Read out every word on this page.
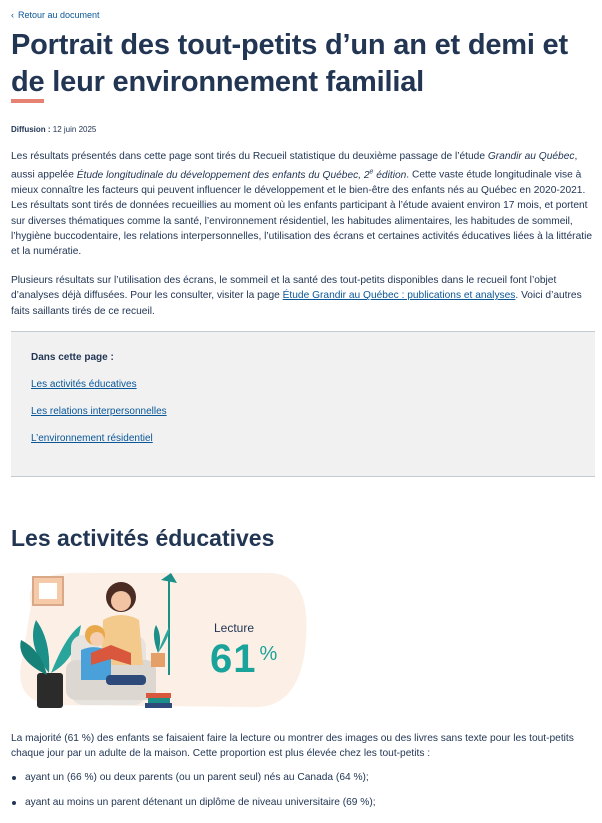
‹ Retour au document
Portrait des tout-petits d’un an et demi et de leur environnement familial
Diffusion : 12 juin 2025

Les résultats présentés dans cette page sont tirés du Recueil statistique du deuxième passage de l’étude Grandir au Québec, aussi appelée Étude longitudinale du développement des enfants du Québec, 2e édition. Cette vaste étude longitudinale vise à mieux connaître les facteurs qui peuvent influencer le développement et le bien-être des enfants nés au Québec en 2020-2021. Les résultats sont tirés de données recueillies au moment où les enfants participant à l’étude avaient environ 17 mois, et portent sur diverses thématiques comme la santé, l’environnement résidentiel, les habitudes alimentaires, les habitudes de sommeil, l’hygiène buccodentaire, les relations interpersonnelles, l’utilisation des écrans et certaines activités éducatives liées à la littératie et la numératie.

Plusieurs résultats sur l’utilisation des écrans, le sommeil et la santé des tout-petits disponibles dans le recueil font l’objet d’analyses déjà diffusées. Pour les consulter, visiter la page Étude Grandir au Québec : publications et analyses. Voici d’autres faits saillants tirés de ce recueil.

Dans cette page :
Les activités éducatives
Les relations interpersonnelles
L’environnement résidentiel
Les activités éducatives
Lecture
61 %

La majorité (61 %) des enfants se faisaient faire la lecture ou montrer des images ou des livres sans texte pour les tout-petits chaque jour par un adulte de la maison. Cette proportion est plus élevée chez les tout-petits :

ayant un (66 %) ou deux parents (ou un parent seul) nés au Canada (64 %);
ayant au moins un parent détenant un diplôme de niveau universitaire (69 %);
